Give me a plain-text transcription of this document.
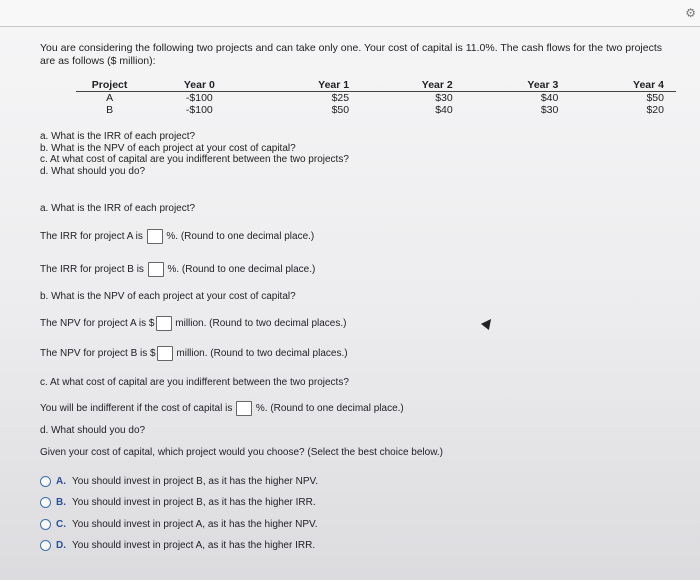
⚙
You are considering the following two projects and can take only one. Your cost of capital is 11.0%. The cash flows for the two projects are as follows ($ million):
Project	Year 0	Year 1	Year 2	Year 3	Year 4
A	-$100	$25	$30	$40	$50
B	-$100	$50	$40	$30	$20
a. What is the IRR of each project?
b. What is the NPV of each project at your cost of capital?
c. At what cost of capital are you indifferent between the two projects?
d. What should you do?
a. What is the IRR of each project?
The IRR for project A is %. (Round to one decimal place.)
The IRR for project B is %. (Round to one decimal place.)
b. What is the NPV of each project at your cost of capital?
The NPV for project A is $ million. (Round to two decimal places.)
The NPV for project B is $ million. (Round to two decimal places.)
c. At what cost of capital are you indifferent between the two projects?
You will be indifferent if the cost of capital is %. (Round to one decimal place.)
d. What should you do?
Given your cost of capital, which project would you choose? (Select the best choice below.)
A. You should invest in project B, as it has the higher NPV.
B. You should invest in project B, as it has the higher IRR.
C. You should invest in project A, as it has the higher NPV.
D. You should invest in project A, as it has the higher IRR.
